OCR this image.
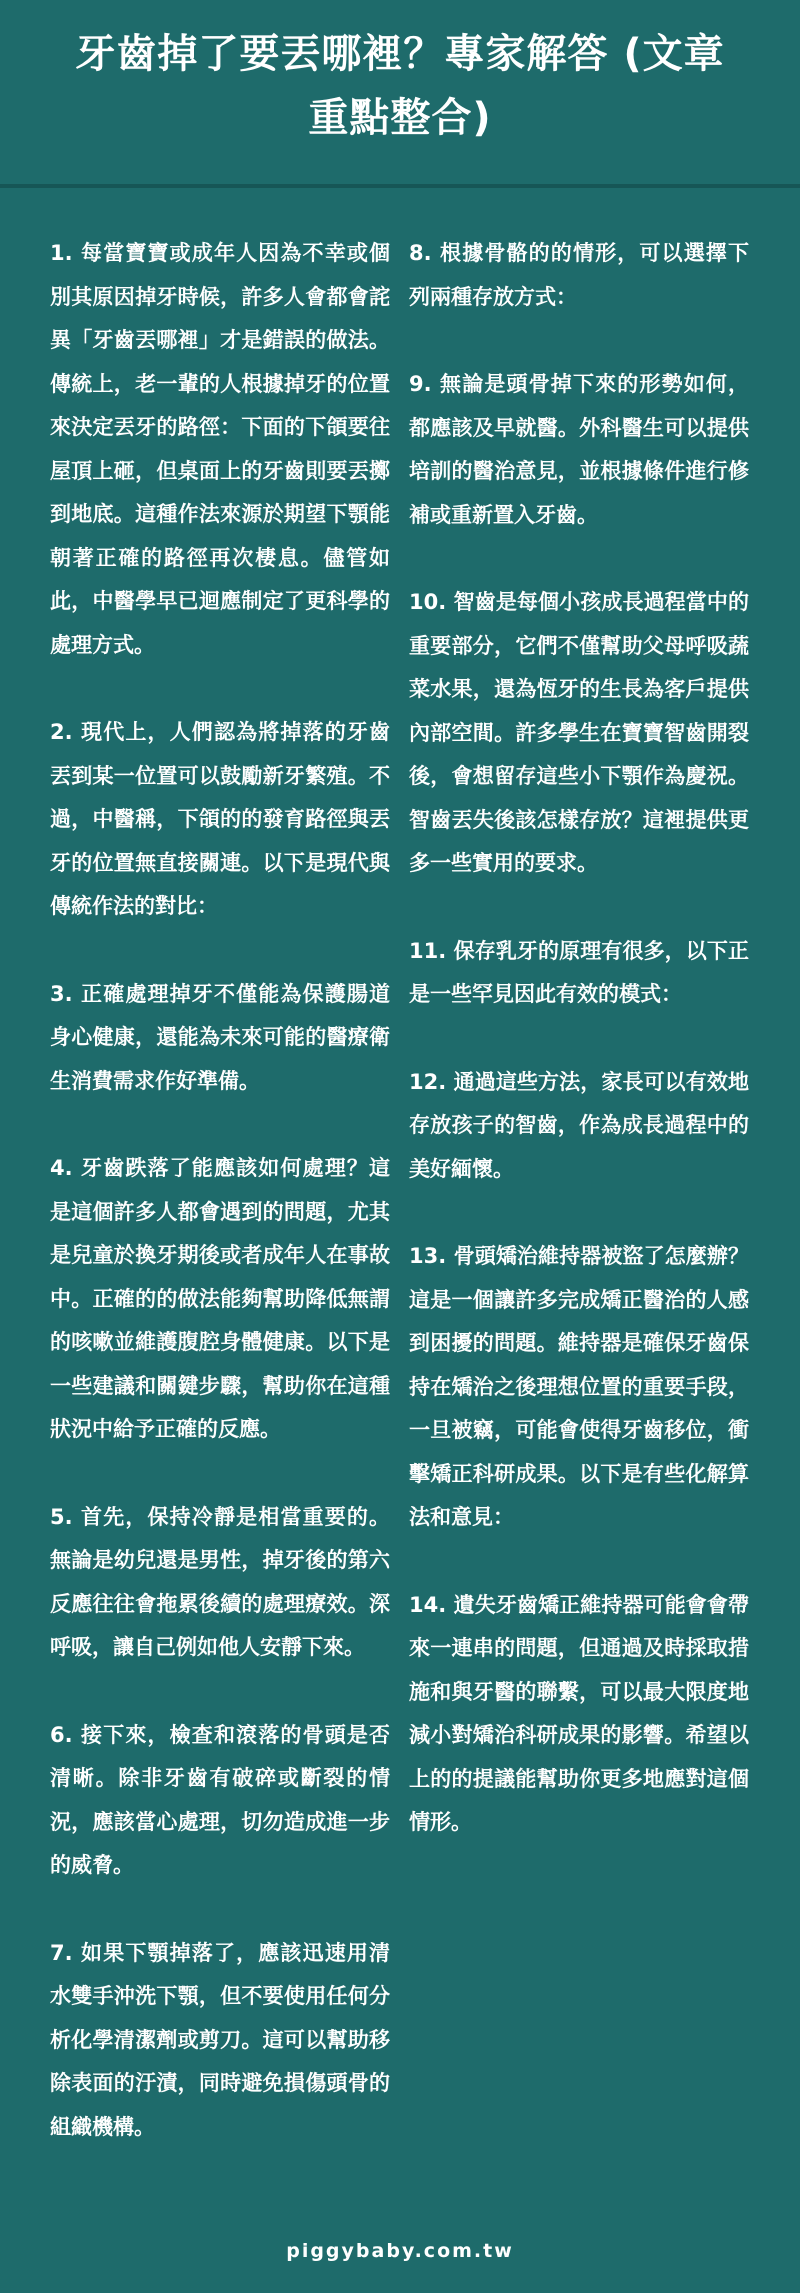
牙齒掉了要丟哪裡？專家解答 (文章重點整合)

1. 每當寶寶或成年人因為不幸或個別其原因掉牙時候，許多人會都會詫異「牙齒丟哪裡」才是錯誤的做法。傳統上，老一輩的人根據掉牙的位置來決定丟牙的路徑：下面的下頜要往屋頂上砸，但桌面上的牙齒則要丟擲到地底。這種作法來源於期望下顎能朝著正確的路徑再次棲息。儘管如此，中醫學早已迴應制定了更科學的處理方式。

2. 現代上，人們認為將掉落的牙齒丟到某一位置可以鼓勵新牙繁殖。不過，中醫稱，下頜的的發育路徑與丟牙的位置無直接關連。以下是現代與傳統作法的對比：

3. 正確處理掉牙不僅能為保護腸道身心健康，還能為未來可能的醫療衛生消費需求作好準備。

4. 牙齒跌落了能應該如何處理？這是這個許多人都會遇到的問題，尤其是兒童於換牙期後或者成年人在事故中。正確的的做法能夠幫助降低無謂的咳嗽並維護腹腔身體健康。以下是一些建議和關鍵步驟，幫助你在這種狀況中給予正確的反應。

5. 首先，保持冷靜是相當重要的。無論是幼兒還是男性，掉牙後的第六反應往往會拖累後續的處理療效。深呼吸，讓自己例如他人安靜下來。

6. 接下來，檢查和滾落的骨頭是否清晰。除非牙齒有破碎或斷裂的情況，應該當心處理，切勿造成進一步的威脅。

7. 如果下顎掉落了，應該迅速用清水雙手沖洗下顎，但不要使用任何分析化學清潔劑或剪刀。這可以幫助移除表面的汙漬，同時避免損傷頭骨的組織機構。

8. 根據骨骼的的情形，可以選擇下列兩種存放方式：

9. 無論是頭骨掉下來的形勢如何，都應該及早就醫。外科醫生可以提供培訓的醫治意見，並根據條件進行修補或重新置入牙齒。

10. 智齒是每個小孩成長過程當中的重要部分，它們不僅幫助父母呼吸蔬菜水果，還為恆牙的生長為客戶提供內部空間。許多學生在寶寶智齒開裂後，會想留存這些小下顎作為慶祝。智齒丟失後該怎樣存放？這裡提供更多一些實用的要求。

11. 保存乳牙的原理有很多，以下正是一些罕見因此有效的模式：

12. 通過這些方法，家長可以有效地存放孩子的智齒，作為成長過程中的美好緬懷。

13. 骨頭矯治維持器被盜了怎麼辦？這是一個讓許多完成矯正醫治的人感到困擾的問題。維持器是確保牙齒保持在矯治之後理想位置的重要手段，一旦被竊，可能會使得牙齒移位，衝擊矯正科研成果。以下是有些化解算法和意見：

14. 遺失牙齒矯正維持器可能會會帶來一連串的問題，但通過及時採取措施和與牙醫的聯繫，可以最大限度地減小對矯治科研成果的影響。希望以上的的提議能幫助你更多地應對這個情形。

piggybaby.com.tw
